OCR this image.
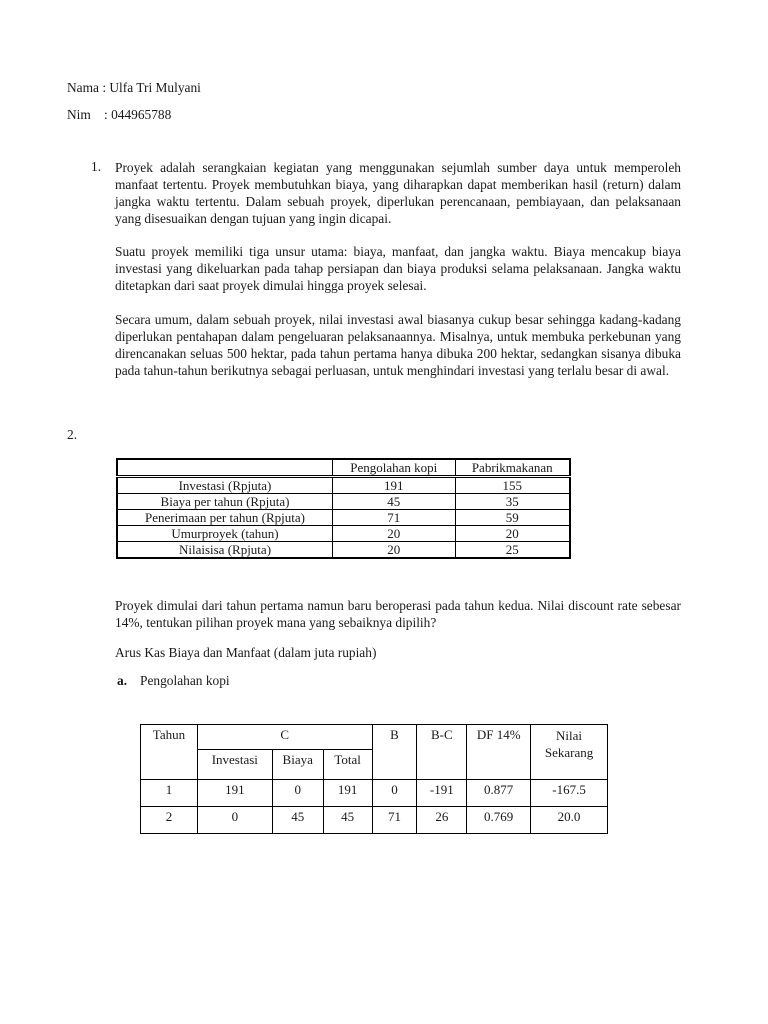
Nama : Ulfa Tri Mulyani
Nim : 044965788
1. Proyek adalah serangkaian kegiatan yang menggunakan sejumlah sumber daya untuk memperoleh manfaat tertentu. Proyek membutuhkan biaya, yang diharapkan dapat memberikan hasil (return) dalam jangka waktu tertentu. Dalam sebuah proyek, diperlukan perencanaan, pembiayaan, dan pelaksanaan yang disesuaikan dengan tujuan yang ingin dicapai.

Suatu proyek memiliki tiga unsur utama: biaya, manfaat, dan jangka waktu. Biaya mencakup biaya investasi yang dikeluarkan pada tahap persiapan dan biaya produksi selama pelaksanaan. Jangka waktu ditetapkan dari saat proyek dimulai hingga proyek selesai.

Secara umum, dalam sebuah proyek, nilai investasi awal biasanya cukup besar sehingga kadang-kadang diperlukan pentahapan dalam pengeluaran pelaksanaannya. Misalnya, untuk membuka perkebunan yang direncanakan seluas 500 hektar, pada tahun pertama hanya dibuka 200 hektar, sedangkan sisanya dibuka pada tahun-tahun berikutnya sebagai perluasan, untuk menghindari investasi yang terlalu besar di awal.

2.
	Pengolahan kopi	Pabrikmakanan
Investasi (Rpjuta)	191	155
Biaya per tahun (Rpjuta)	45	35
Penerimaan per tahun (Rpjuta)	71	59
Umurproyek (tahun)	20	20
Nilaisisa (Rpjuta)	20	25

Proyek dimulai dari tahun pertama namun baru beroperasi pada tahun kedua. Nilai discount rate sebesar 14%, tentukan pilihan proyek mana yang sebaiknya dipilih?

Arus Kas Biaya dan Manfaat (dalam juta rupiah)
a. Pengolahan kopi
Tahun	C			B	B-C	DF 14%	Nilai Sekarang
	Investasi	Biaya	Total				
1	191	0	191	0	-191	0.877	-167.5
2	0	45	45	71	26	0.769	20.0
